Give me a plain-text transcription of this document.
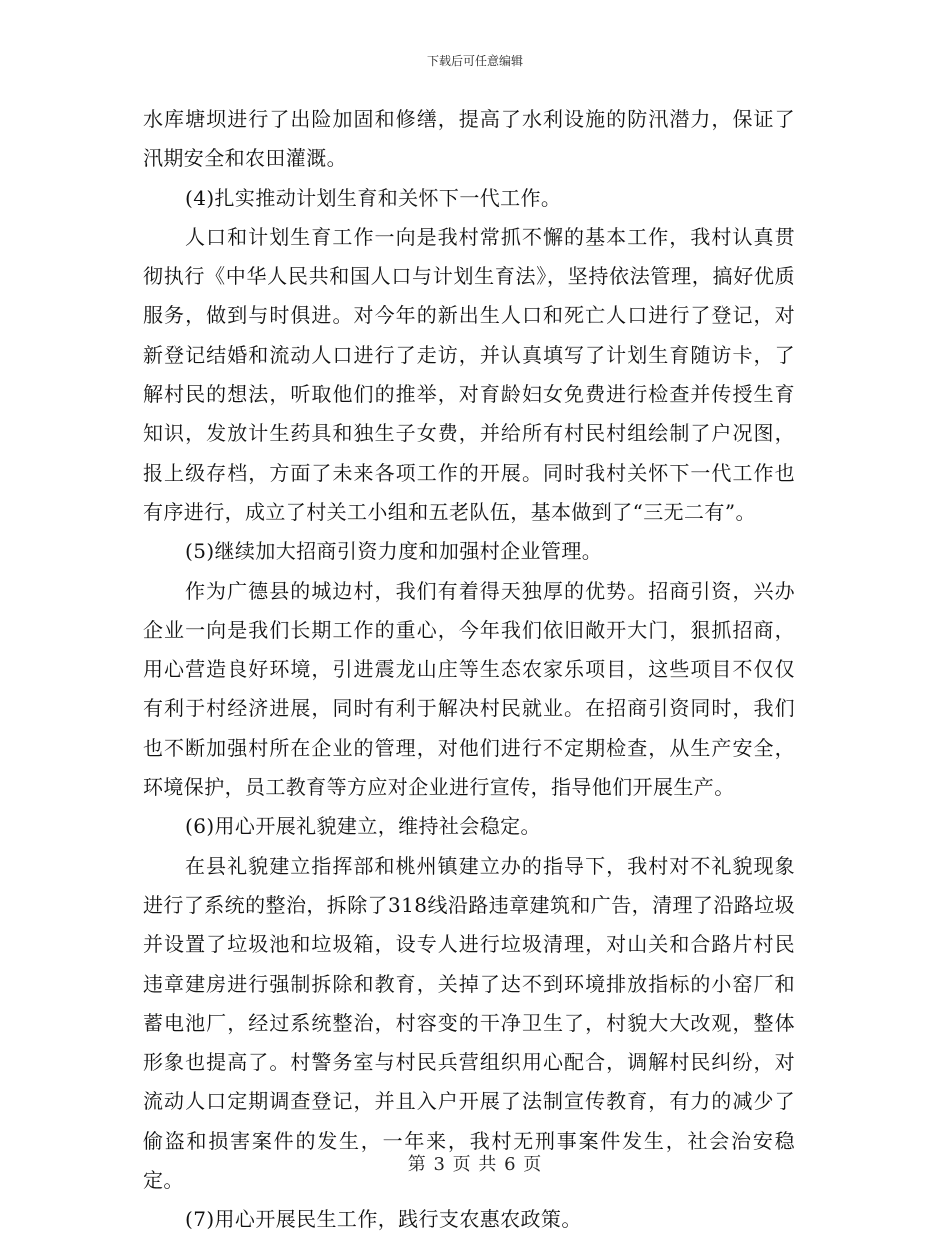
下载后可任意编辑

水库塘坝进行了出险加固和修缮，提高了水利设施的防汛潜力，保证了汛期安全和农田灌溉。

(4)扎实推动计划生育和关怀下一代工作。

人口和计划生育工作一向是我村常抓不懈的基本工作，我村认真贯彻执行《中华人民共和国人口与计划生育法》，坚持依法管理，搞好优质服务，做到与时俱进。对今年的新出生人口和死亡人口进行了登记，对新登记结婚和流动人口进行了走访，并认真填写了计划生育随访卡，了解村民的想法，听取他们的推举，对育龄妇女免费进行检查并传授生育知识，发放计生药具和独生子女费，并给所有村民村组绘制了户况图，报上级存档，方面了未来各项工作的开展。同时我村关怀下一代工作也有序进行，成立了村关工小组和五老队伍，基本做到了“三无二有”。

(5)继续加大招商引资力度和加强村企业管理。

作为广德县的城边村，我们有着得天独厚的优势。招商引资，兴办企业一向是我们长期工作的重心，今年我们依旧敞开大门，狠抓招商，用心营造良好环境，引进震龙山庄等生态农家乐项目，这些项目不仅仅有利于村经济进展，同时有利于解决村民就业。在招商引资同时，我们也不断加强村所在企业的管理，对他们进行不定期检查，从生产安全，环境保护，员工教育等方应对企业进行宣传，指导他们开展生产。

(6)用心开展礼貌建立，维持社会稳定。

在县礼貌建立指挥部和桃州镇建立办的指导下，我村对不礼貌现象进行了系统的整治，拆除了318线沿路违章建筑和广告，清理了沿路垃圾并设置了垃圾池和垃圾箱，设专人进行垃圾清理，对山关和合路片村民违章建房进行强制拆除和教育，关掉了达不到环境排放指标的小窑厂和蓄电池厂，经过系统整治，村容变的干净卫生了，村貌大大改观，整体形象也提高了。村警务室与村民兵营组织用心配合，调解村民纠纷，对流动人口定期调查登记，并且入户开展了法制宣传教育，有力的减少了偷盗和损害案件的发生，一年来，我村无刑事案件发生，社会治安稳定。

(7)用心开展民生工作，践行支农惠农政策。

第 3 页 共 6 页
